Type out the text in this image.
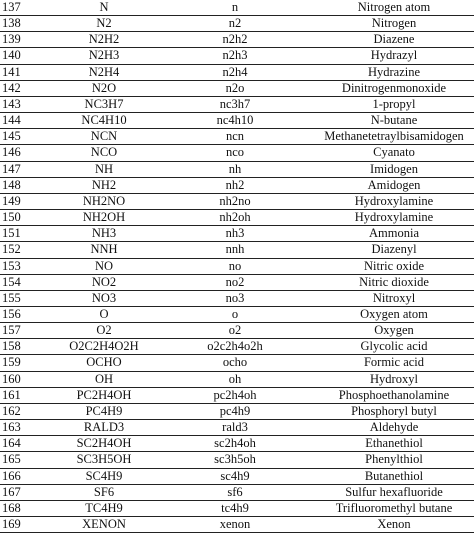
137	N	n	Nitrogen atom
138	N2	n2	Nitrogen
139	N2H2	n2h2	Diazene
140	N2H3	n2h3	Hydrazyl
141	N2H4	n2h4	Hydrazine
142	N2O	n2o	Dinitrogenmonoxide
143	NC3H7	nc3h7	1-propyl
144	NC4H10	nc4h10	N-butane
145	NCN	ncn	Methanetetraylbisamidogen
146	NCO	nco	Cyanato
147	NH	nh	Imidogen
148	NH2	nh2	Amidogen
149	NH2NO	nh2no	Hydroxylamine
150	NH2OH	nh2oh	Hydroxylamine
151	NH3	nh3	Ammonia
152	NNH	nnh	Diazenyl
153	NO	no	Nitric oxide
154	NO2	no2	Nitric dioxide
155	NO3	no3	Nitroxyl
156	O	o	Oxygen atom
157	O2	o2	Oxygen
158	O2C2H4O2H	o2c2h4o2h	Glycolic acid
159	OCHO	ocho	Formic acid
160	OH	oh	Hydroxyl
161	PC2H4OH	pc2h4oh	Phosphoethanolamine
162	PC4H9	pc4h9	Phosphoryl butyl
163	RALD3	rald3	Aldehyde
164	SC2H4OH	sc2h4oh	Ethanethiol
165	SC3H5OH	sc3h5oh	Phenylthiol
166	SC4H9	sc4h9	Butanethiol
167	SF6	sf6	Sulfur hexafluoride
168	TC4H9	tc4h9	Trifluoromethyl butane
169	XENON	xenon	Xenon
